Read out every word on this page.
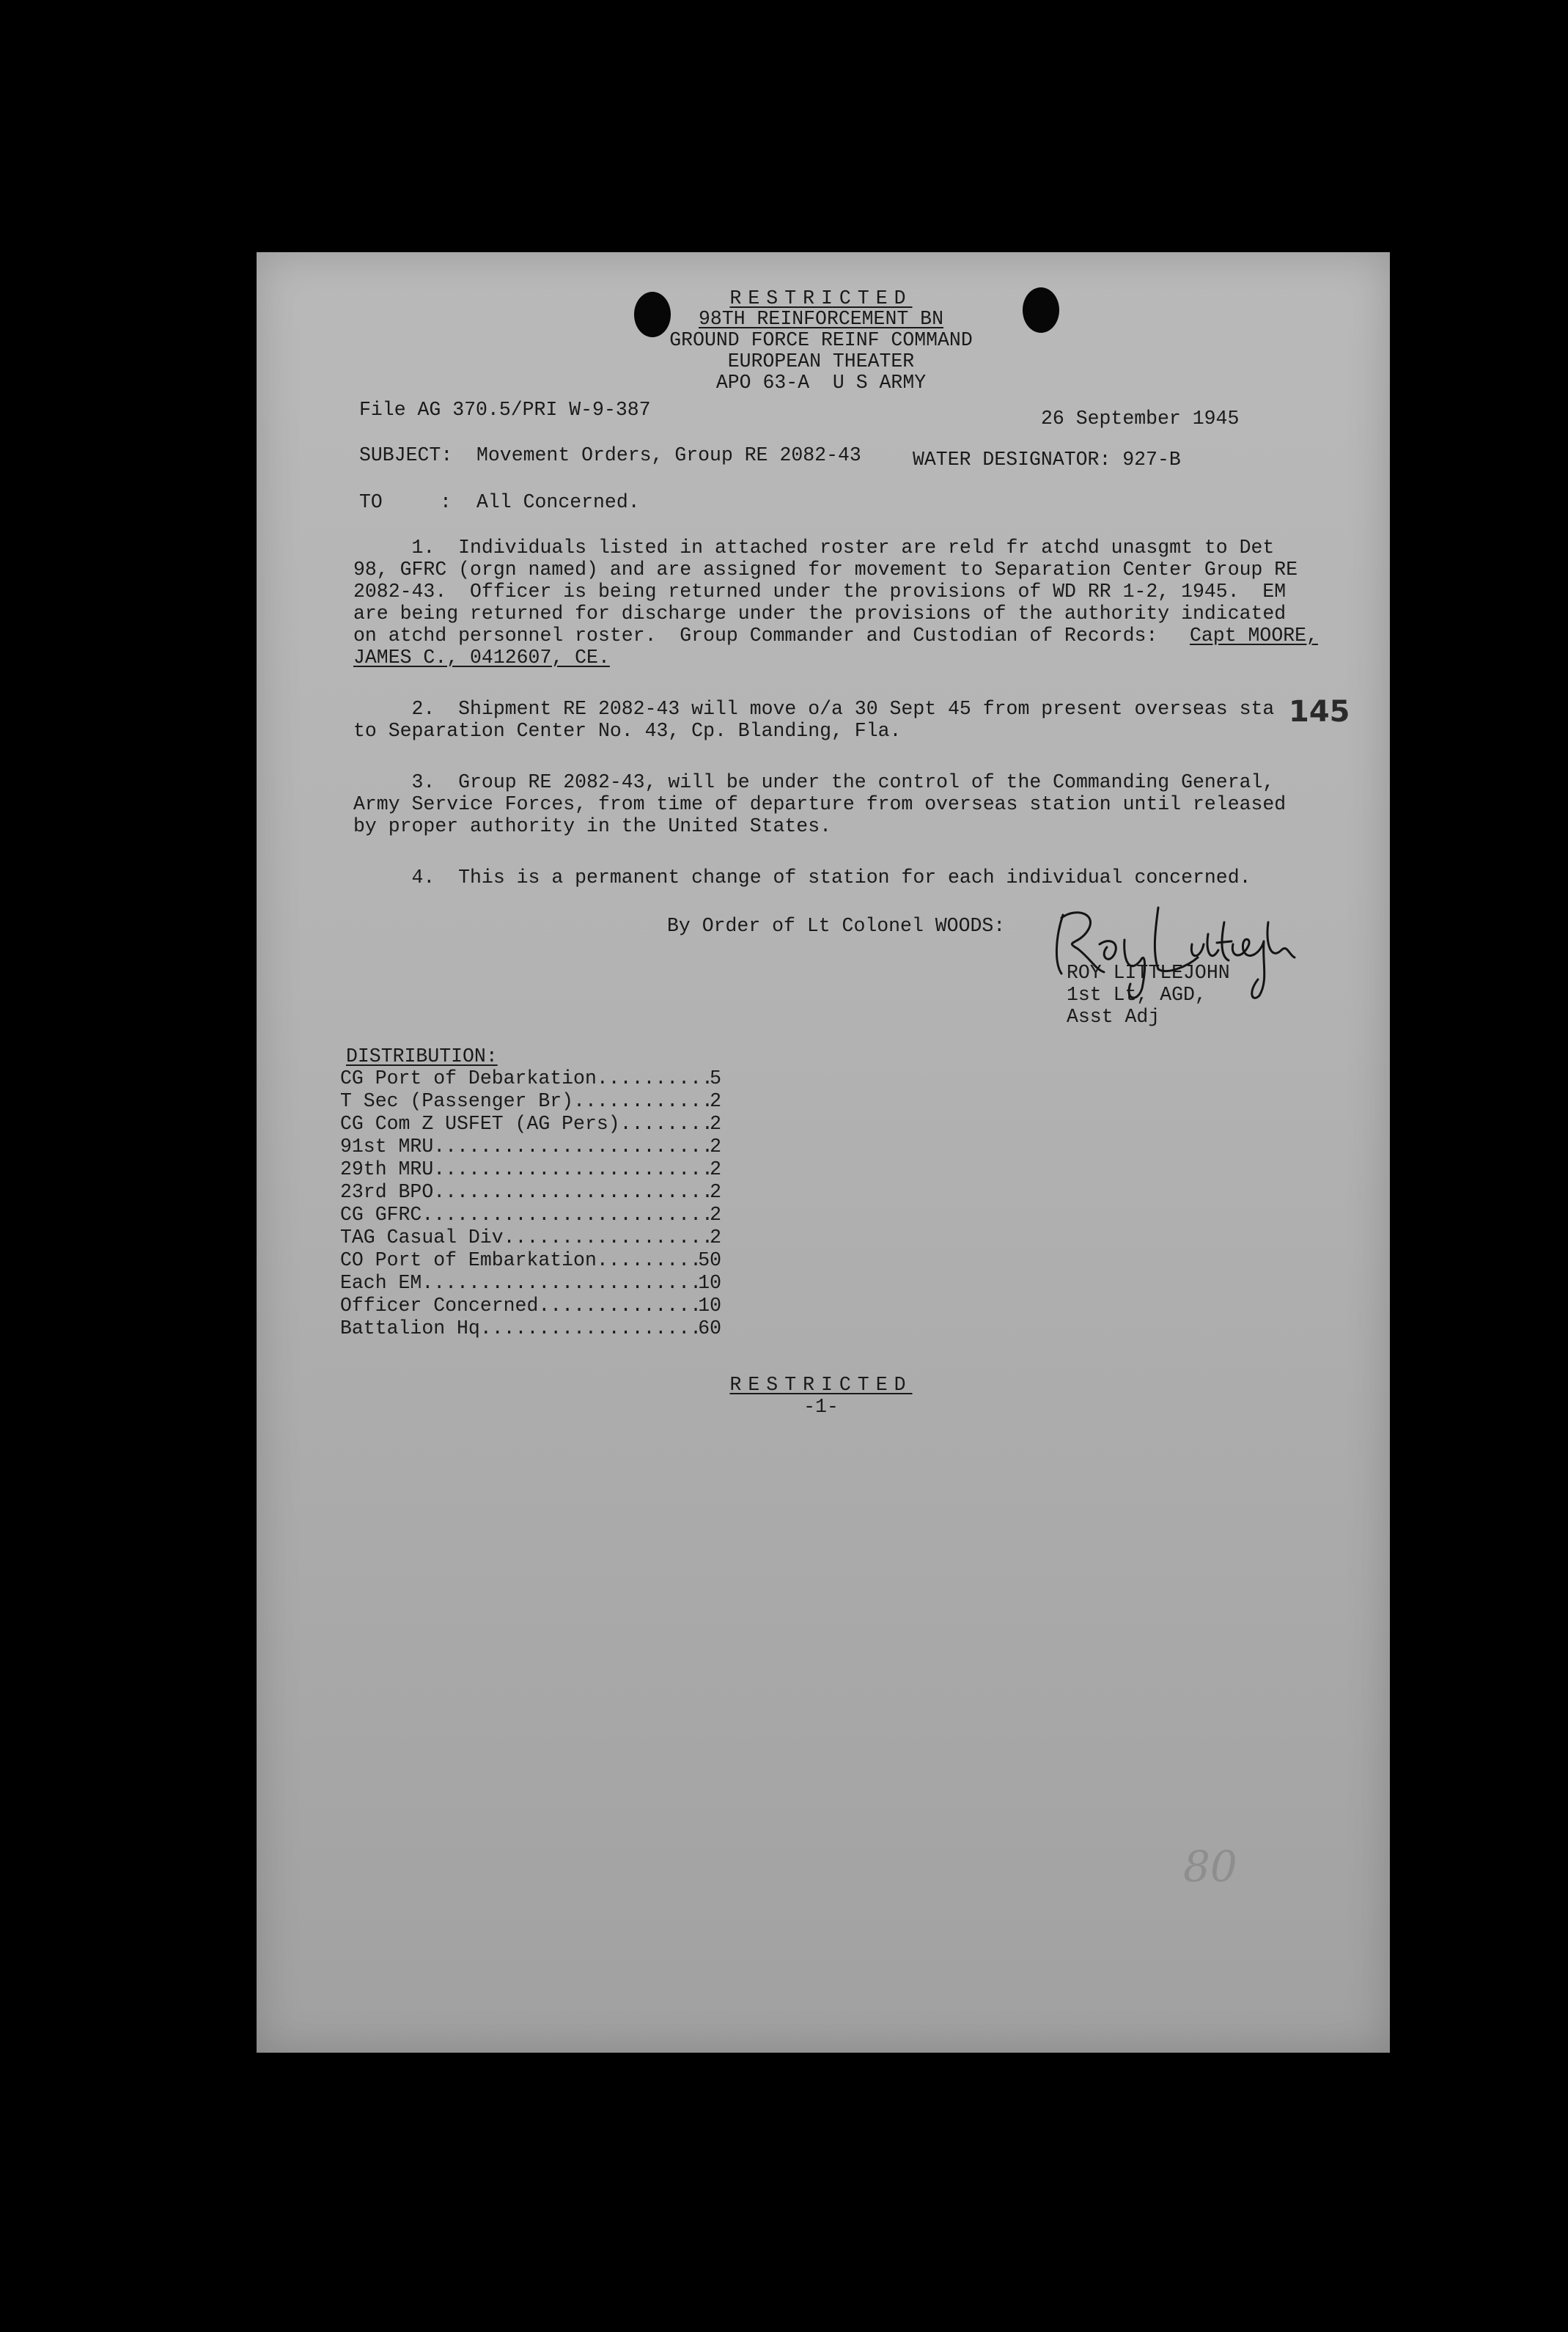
RESTRICTED
98TH REINFORCEMENT BN
GROUND FORCE REINF COMMAND
EUROPEAN THEATER
APO 63-A  U S ARMY
File AG 370.5/PRI W-9-387	26 September 1945
SUBJECT: Movement Orders, Group RE 2082-43	WATER DESIGNATOR: 927-B
TO	: All Concerned.
1.  Individuals listed in attached roster are reld fr atchd unasgmt to Det
98, GFRC (orgn named) and are assigned for movement to Separation Center Group RE
2082-43.  Officer is being returned under the provisions of WD RR 1-2, 1945.  EM
are being returned for discharge under the provisions of the authority indicated
on atchd personnel roster.  Group Commander and Custodian of Records: Capt MOORE,
JAMES C., 0412607, CE.
2.  Shipment RE 2082-43 will move o/a 30 Sept 45 from present overseas sta
to Separation Center No. 43, Cp. Blanding, Fla.
3.  Group RE 2082-43, will be under the control of the Commanding General,
Army Service Forces, from time of departure from overseas station until released
by proper authority in the United States.
4.  This is a permanent change of station for each individual concerned.
By Order of Lt Colonel WOODS:
ROY LITTLEJOHN
1st Lt, AGD,
Asst Adj
DISTRIBUTION:
CG Port of Debarkation .....	5
T Sec (Passenger Br) .....	2
CG Com Z USFET (AG Pers) .....	2
91st MRU .....	2
29th MRU .....	2
23rd BPO .....	2
CG GFRC .....	2
TAG Casual Div .....	2
CO Port of Embarkation .....	50
Each EM .....	10
Officer Concerned .....	10
Battalion Hq .....	60
RESTRICTED
-1-
145
80
